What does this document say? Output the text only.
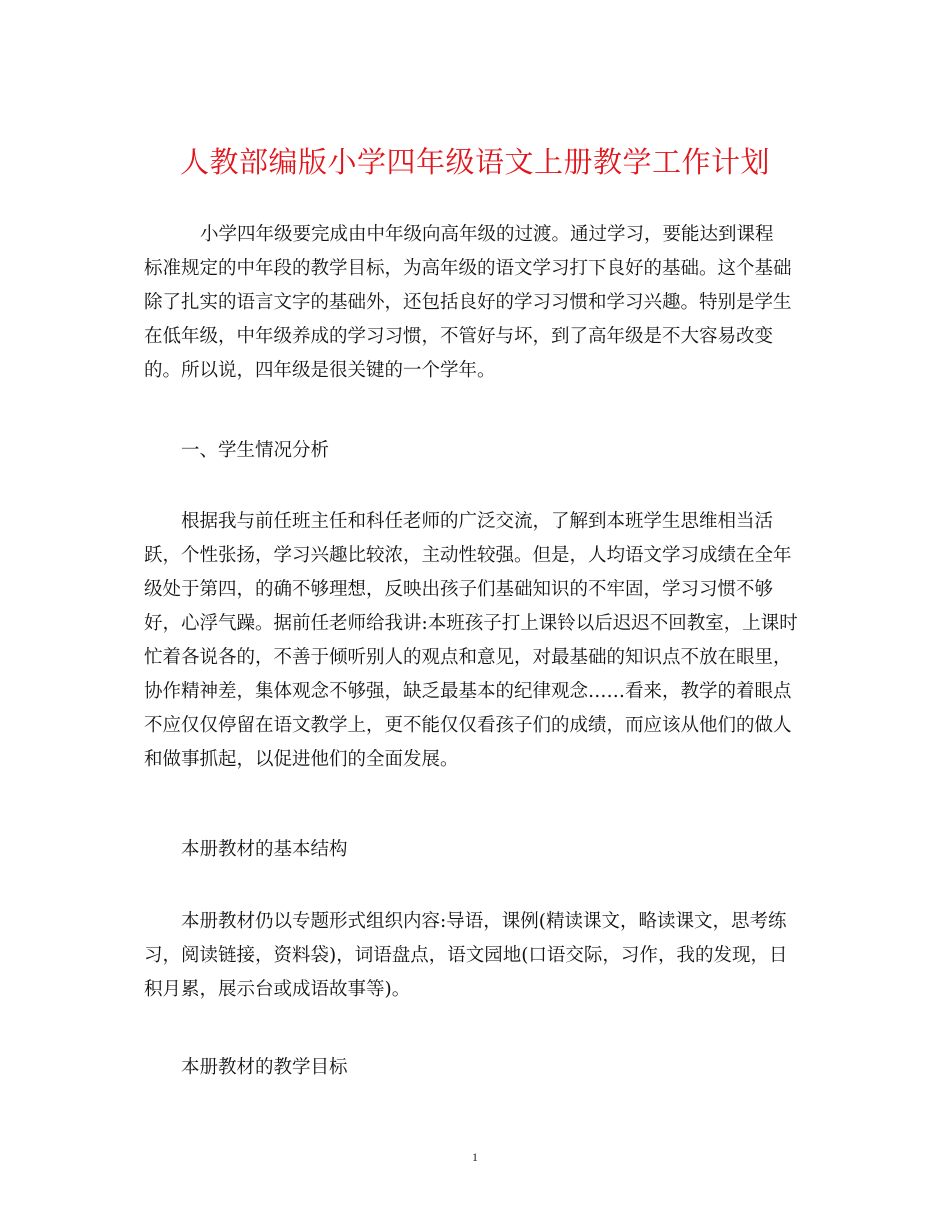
人教部编版小学四年级语文上册教学工作计划
小学四年级要完成由中年级向高年级的过渡。通过学习，要能达到课程
标准规定的中年段的教学目标，为高年级的语文学习打下良好的基础。这个基础
除了扎实的语言文字的基础外，还包括良好的学习习惯和学习兴趣。特别是学生
在低年级，中年级养成的学习习惯，不管好与坏，到了高年级是不大容易改变
的。所以说，四年级是很关键的一个学年。
一、学生情况分析
根据我与前任班主任和科任老师的广泛交流，了解到本班学生思维相当活
跃，个性张扬，学习兴趣比较浓，主动性较强。但是，人均语文学习成绩在全年
级处于第四，的确不够理想，反映出孩子们基础知识的不牢固，学习习惯不够
好，心浮气躁。据前任老师给我讲:本班孩子打上课铃以后迟迟不回教室，上课时
忙着各说各的，不善于倾听别人的观点和意见，对最基础的知识点不放在眼里，
协作精神差，集体观念不够强，缺乏最基本的纪律观念……看来，教学的着眼点
不应仅仅停留在语文教学上，更不能仅仅看孩子们的成绩，而应该从他们的做人
和做事抓起，以促进他们的全面发展。
本册教材的基本结构
本册教材仍以专题形式组织内容:导语，课例(精读课文，略读课文，思考练
习，阅读链接，资料袋)，词语盘点，语文园地(口语交际，习作，我的发现，日
积月累，展示台或成语故事等)。
本册教材的教学目标
1
